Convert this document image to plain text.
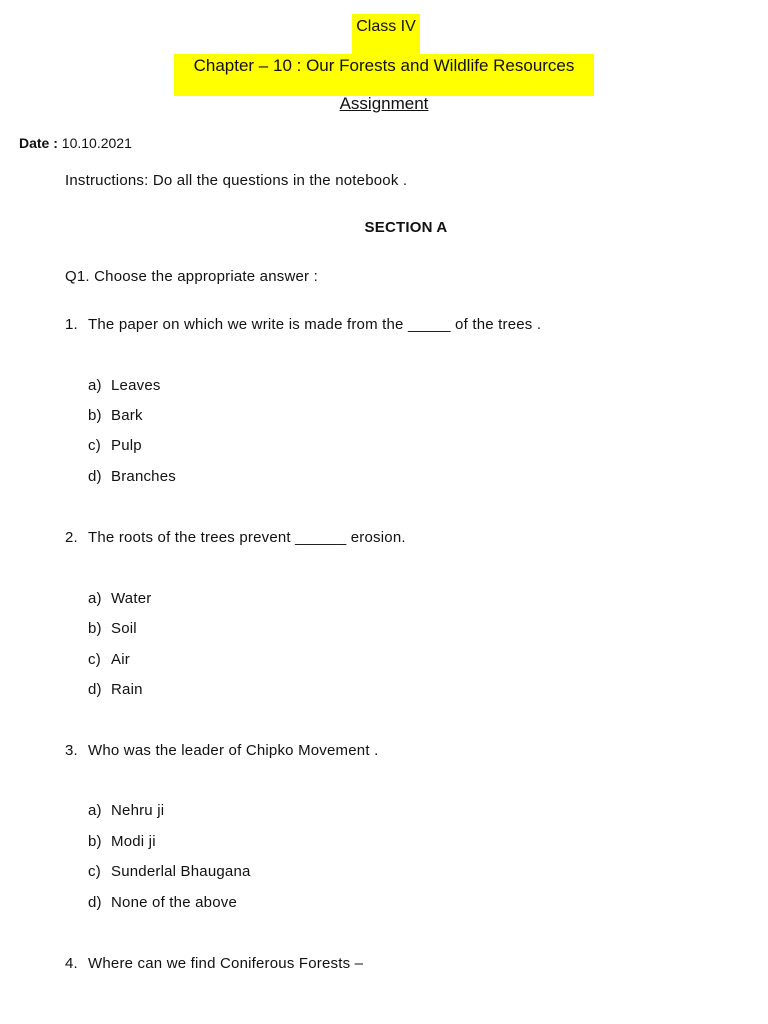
Class IV
Chapter – 10 : Our Forests and Wildlife Resources
Assignment
Date : 10.10.2021
Instructions: Do all the questions in the notebook .
SECTION A
Q1. Choose the appropriate answer :
1. The paper on which we write is made from the _____ of the trees .
a) Leaves
b) Bark
c) Pulp
d) Branches
2. The roots of the trees prevent ______ erosion.
a) Water
b) Soil
c) Air
d) Rain
3. Who was the leader of Chipko Movement .
a) Nehru ji
b) Modi ji
c) Sunderlal Bhaugana
d) None of the above
4. Where can we find Coniferous Forests –
